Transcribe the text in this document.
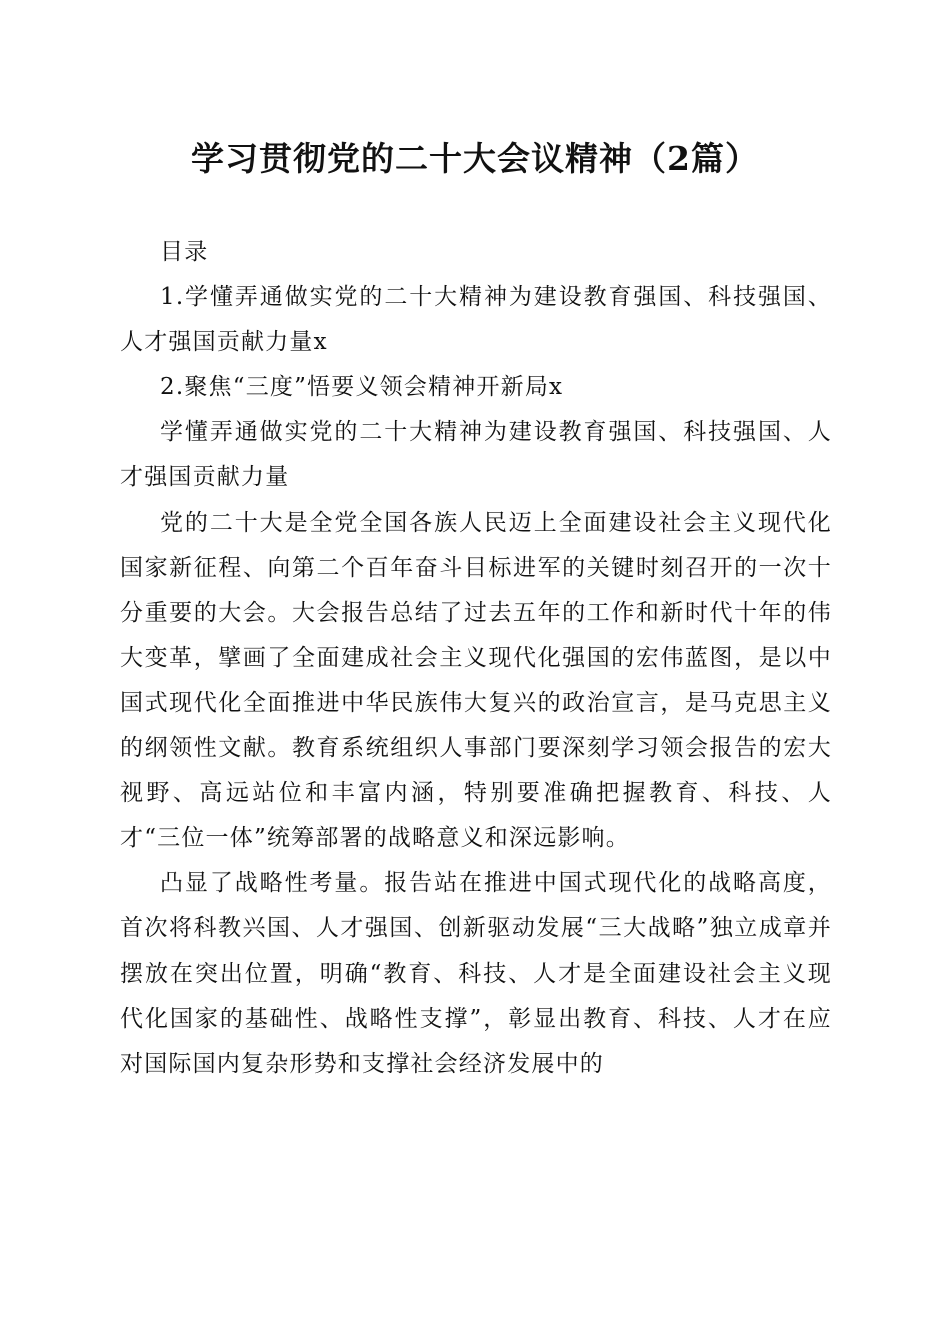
学习贯彻党的二十大会议精神（2篇）

目录

1.学懂弄通做实党的二十大精神为建设教育强国、科技强国、人才强国贡献力量x

2.聚焦“三度”悟要义领会精神开新局x

学懂弄通做实党的二十大精神为建设教育强国、科技强国、人才强国贡献力量

党的二十大是全党全国各族人民迈上全面建设社会主义现代化国家新征程、向第二个百年奋斗目标进军的关键时刻召开的一次十分重要的大会。大会报告总结了过去五年的工作和新时代十年的伟大变革，擘画了全面建成社会主义现代化强国的宏伟蓝图，是以中国式现代化全面推进中华民族伟大复兴的政治宣言，是马克思主义的纲领性文献。教育系统组织人事部门要深刻学习领会报告的宏大视野、高远站位和丰富内涵，特别要准确把握教育、科技、人才“三位一体”统筹部署的战略意义和深远影响。

凸显了战略性考量。报告站在推进中国式现代化的战略高度，首次将科教兴国、人才强国、创新驱动发展“三大战略”独立成章并摆放在突出位置，明确“教育、科技、人才是全面建设社会主义现代化国家的基础性、战略性支撑”，彰显出教育、科技、人才在应对国际国内复杂形势和支撑社会经济发展中的
